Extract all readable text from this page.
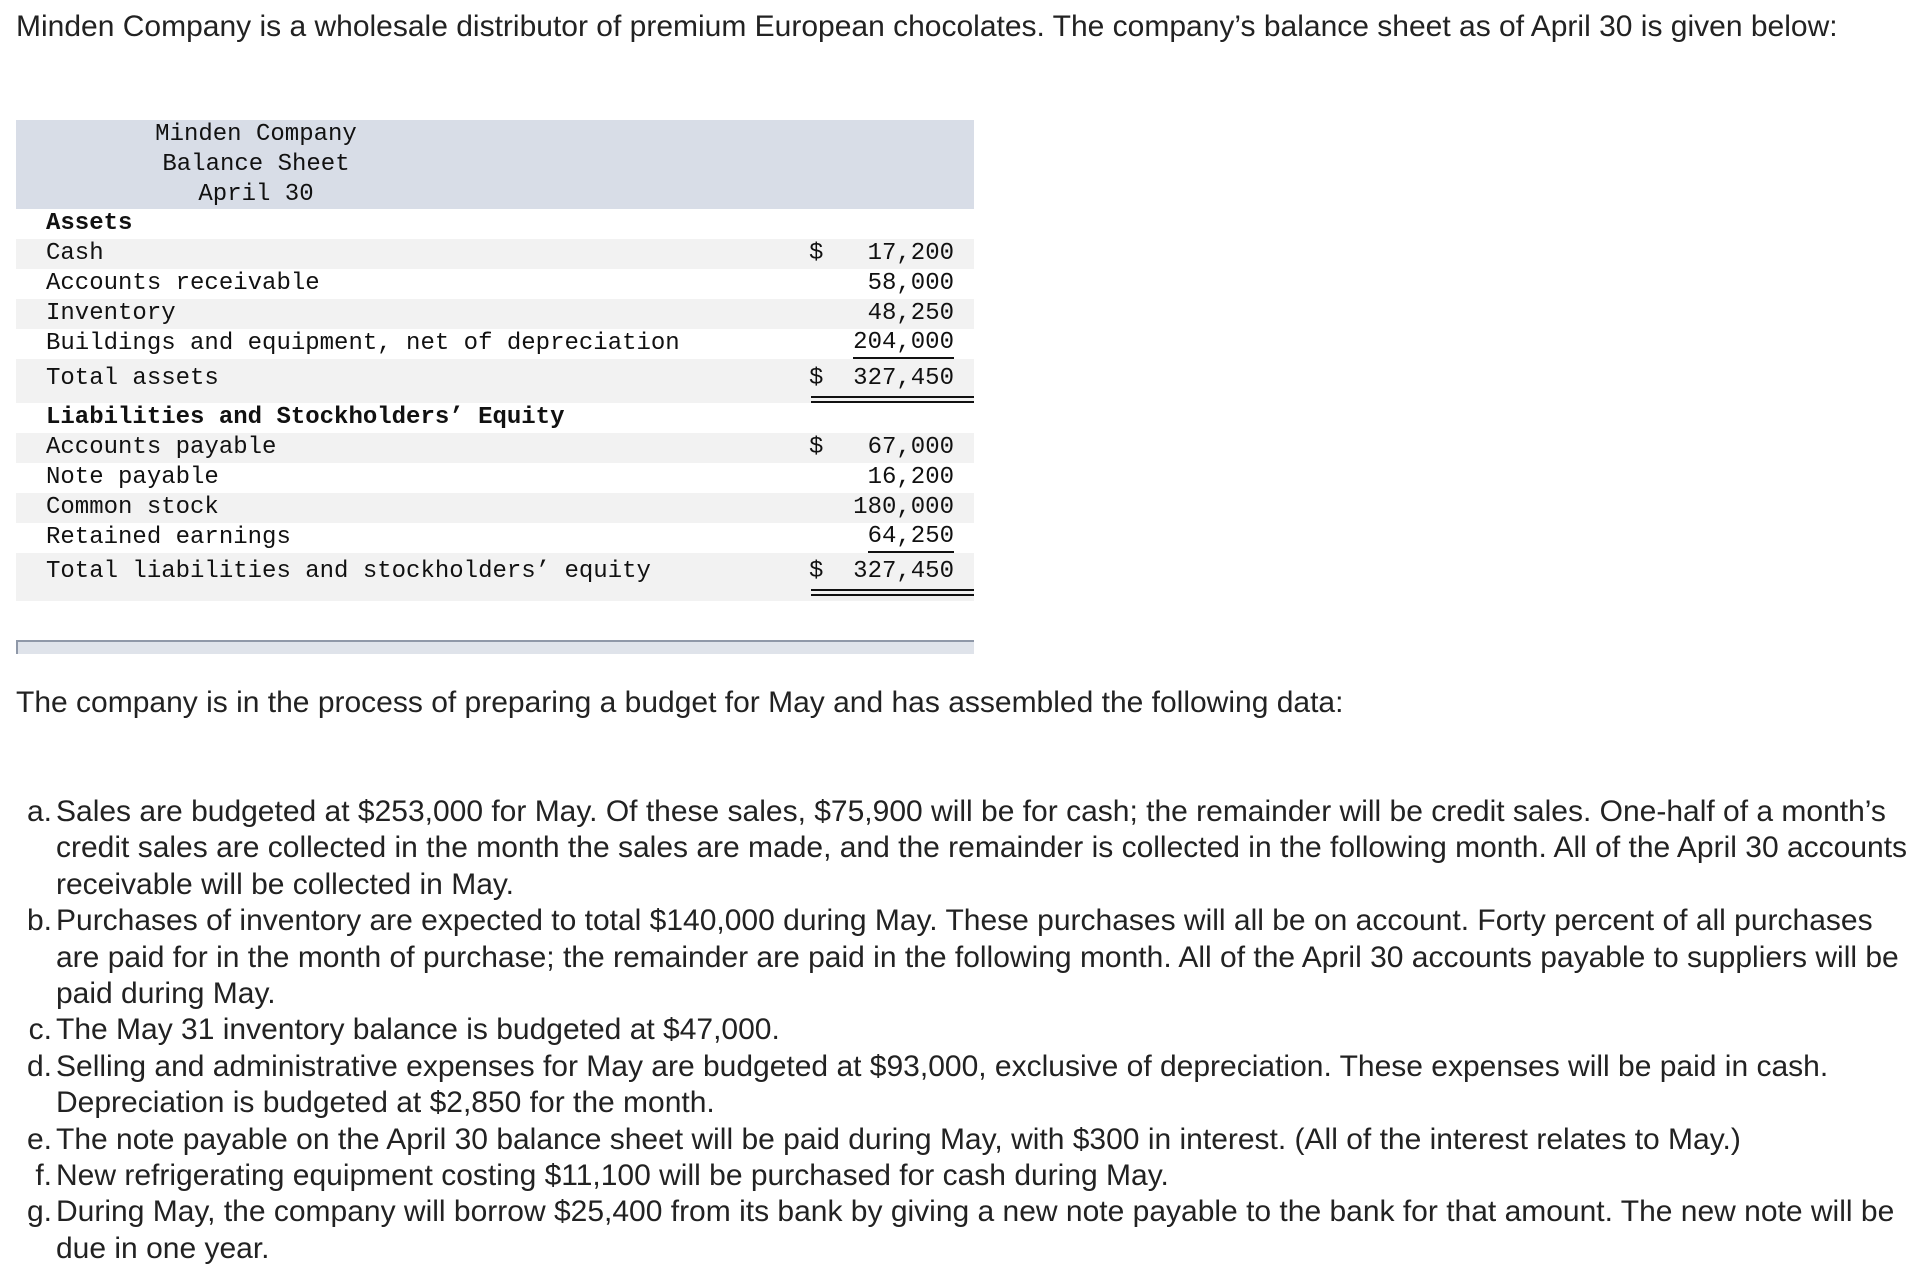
Minden Company is a wholesale distributor of premium European chocolates. The company’s balance sheet as of April 30 is given below:

Minden Company
Balance Sheet
April 30
Assets
Cash	$ 17,200
Accounts receivable	58,000
Inventory	48,250
Buildings and equipment, net of depreciation	204,000
Total assets	$ 327,450
Liabilities and Stockholders’ Equity
Accounts payable	$ 67,000
Note payable	16,200
Common stock	180,000
Retained earnings	64,250
Total liabilities and stockholders’ equity	$ 327,450

The company is in the process of preparing a budget for May and has assembled the following data:

a. Sales are budgeted at $253,000 for May. Of these sales, $75,900 will be for cash; the remainder will be credit sales. One-half of a month’s credit sales are collected in the month the sales are made, and the remainder is collected in the following month. All of the April 30 accounts receivable will be collected in May.
b. Purchases of inventory are expected to total $140,000 during May. These purchases will all be on account. Forty percent of all purchases are paid for in the month of purchase; the remainder are paid in the following month. All of the April 30 accounts payable to suppliers will be paid during May.
c. The May 31 inventory balance is budgeted at $47,000.
d. Selling and administrative expenses for May are budgeted at $93,000, exclusive of depreciation. These expenses will be paid in cash. Depreciation is budgeted at $2,850 for the month.
e. The note payable on the April 30 balance sheet will be paid during May, with $300 in interest. (All of the interest relates to May.)
f. New refrigerating equipment costing $11,100 will be purchased for cash during May.
g. During May, the company will borrow $25,400 from its bank by giving a new note payable to the bank for that amount. The new note will be due in one year.
